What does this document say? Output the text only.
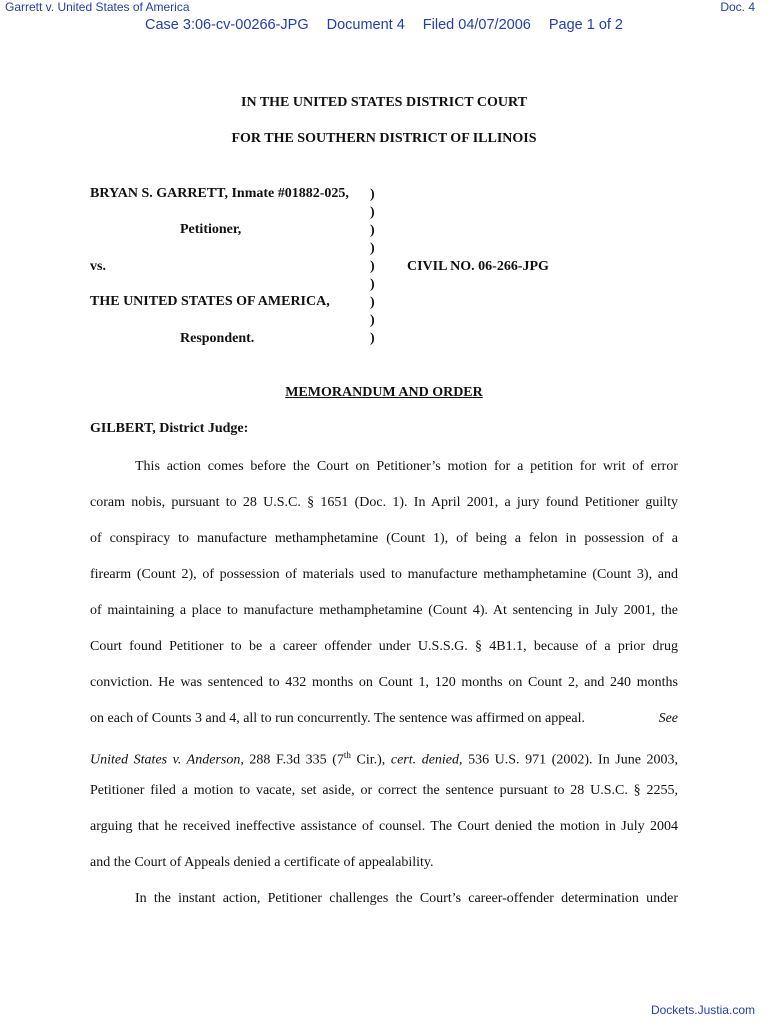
Garrett v. United States of America	Doc. 4
Case 3:06-cv-00266-JPG Document 4 Filed 04/07/2006 Page 1 of 2
IN THE UNITED STATES DISTRICT COURT
FOR THE SOUTHERN DISTRICT OF ILLINOIS
BRYAN S. GARRETT, Inmate #01882-025,
Petitioner,
vs.	CIVIL NO. 06-266-JPG
THE UNITED STATES OF AMERICA,
Respondent.
)
)
)
)
)
)
)
)
)
MEMORANDUM AND ORDER
GILBERT, District Judge:
This action comes before the Court on Petitioner’s motion for a petition for writ of error
coram nobis, pursuant to 28 U.S.C. § 1651 (Doc. 1). In April 2001, a jury found Petitioner guilty
of conspiracy to manufacture methamphetamine (Count 1), of being a felon in possession of a
firearm (Count 2), of possession of materials used to manufacture methamphetamine (Count 3), and
of maintaining a place to manufacture methamphetamine (Count 4). At sentencing in July 2001, the
Court found Petitioner to be a career offender under U.S.S.G. § 4B1.1, because of a prior drug
conviction. He was sentenced to 432 months on Count 1, 120 months on Count 2, and 240 months
on each of Counts 3 and 4, all to run concurrently. The sentence was affirmed on appeal.	See
United States v. Anderson, 288 F.3d 335 (7th Cir.), cert. denied, 536 U.S. 971 (2002). In June 2003,
Petitioner filed a motion to vacate, set aside, or correct the sentence pursuant to 28 U.S.C. § 2255,
arguing that he received ineffective assistance of counsel. The Court denied the motion in July 2004
and the Court of Appeals denied a certificate of appealability.
In the instant action, Petitioner challenges the Court’s career-offender determination under
Dockets.Justia.com
